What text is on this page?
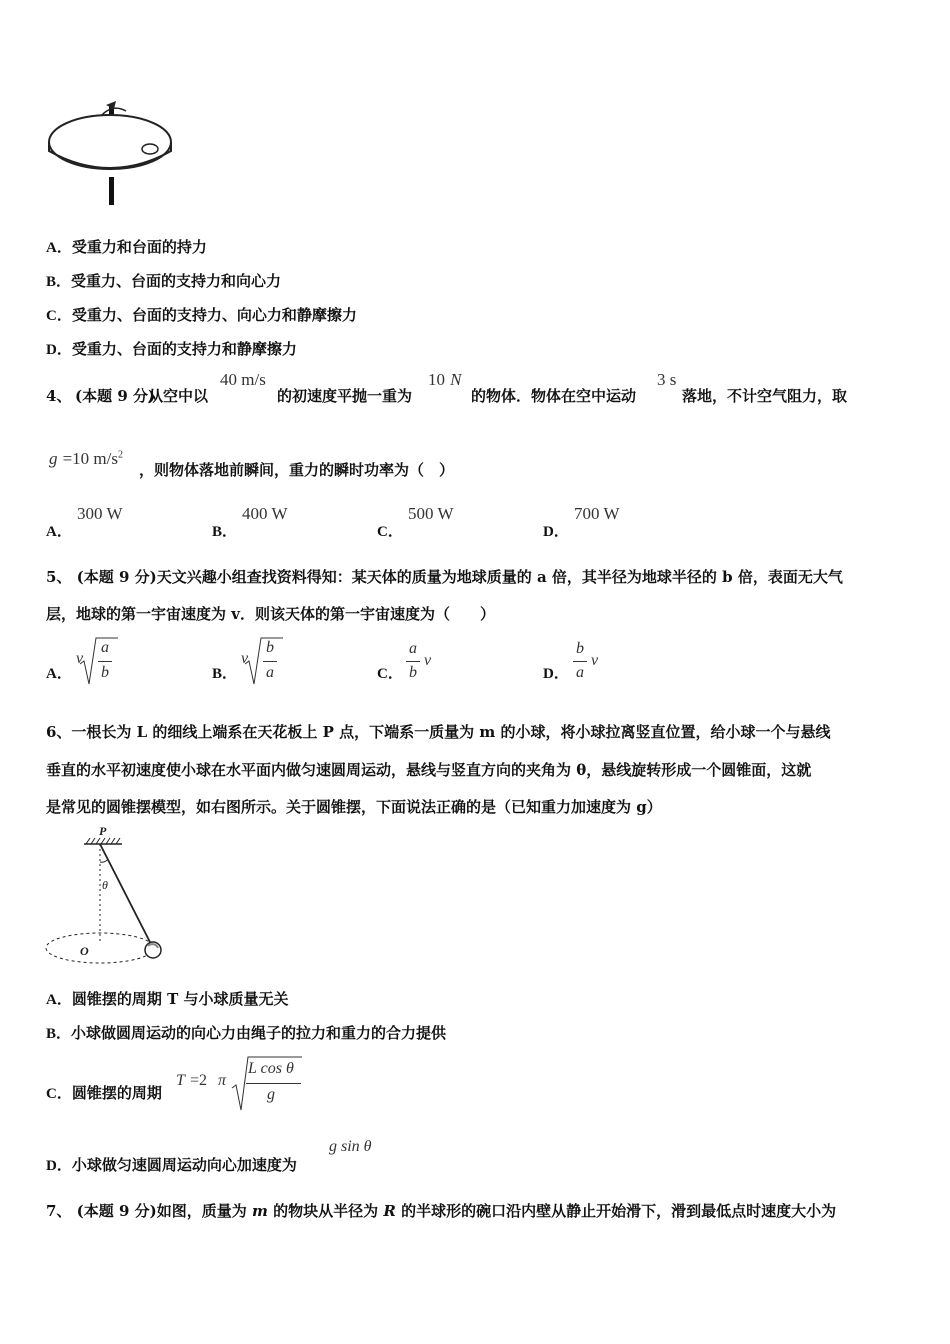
A．受重力和台面的持力
B．受重力、台面的支持力和向心力
C．受重力、台面的支持力、向心力和静摩擦力
D．受重力、台面的支持力和静摩擦力
4、 (本题 9 分)
从空中以
40 m/s
的初速度平抛一重为
10 N
的物体．物体在空中运动
3 s
落地，不计空气阻力，取
g =10 $m/s^2$
，则物体落地前瞬间，重力的瞬时功率为（　）
A．
300 W
B．
400 W
C．
500 W
D．
700 W
5、 (本题 9 分)天文兴趣小组查找资料得知：某天体的质量为地球质量的 a 倍，其半径为地球半径的 b 倍，表面无大气
层，地球的第一宇宙速度为 v．则该天体的第一宇宙速度为（　　）
A．
v
a
b	B．
v
b
a	C．
a
b
v
D．
b
a
v
6、一根长为 L 的细线上端系在天花板上 P 点，下端系一质量为 m 的小球，将小球拉离竖直位置，给小球一个与悬线
垂直的水平初速度使小球在水平面内做匀速圆周运动，悬线与竖直方向的夹角为 θ，悬线旋转形成一个圆锥面，这就
是常见的圆锥摆模型，如右图所示。关于圆锥摆，下面说法正确的是（已知重力加速度为 g）
P
θ
O
A．圆锥摆的周期 T 与小球质量无关
B．小球做圆周运动的向心力由绳子的拉力和重力的合力提供
C．圆锥摆的周期
T =2 π
L cos θ
g
D．小球做匀速圆周运动向心加速度为
g sin θ
7、 (本题 9 分)如图，质量为 m 的物块从半径为 R 的半球形的碗口沿内壁从静止开始滑下，滑到最低点时速度大小为
